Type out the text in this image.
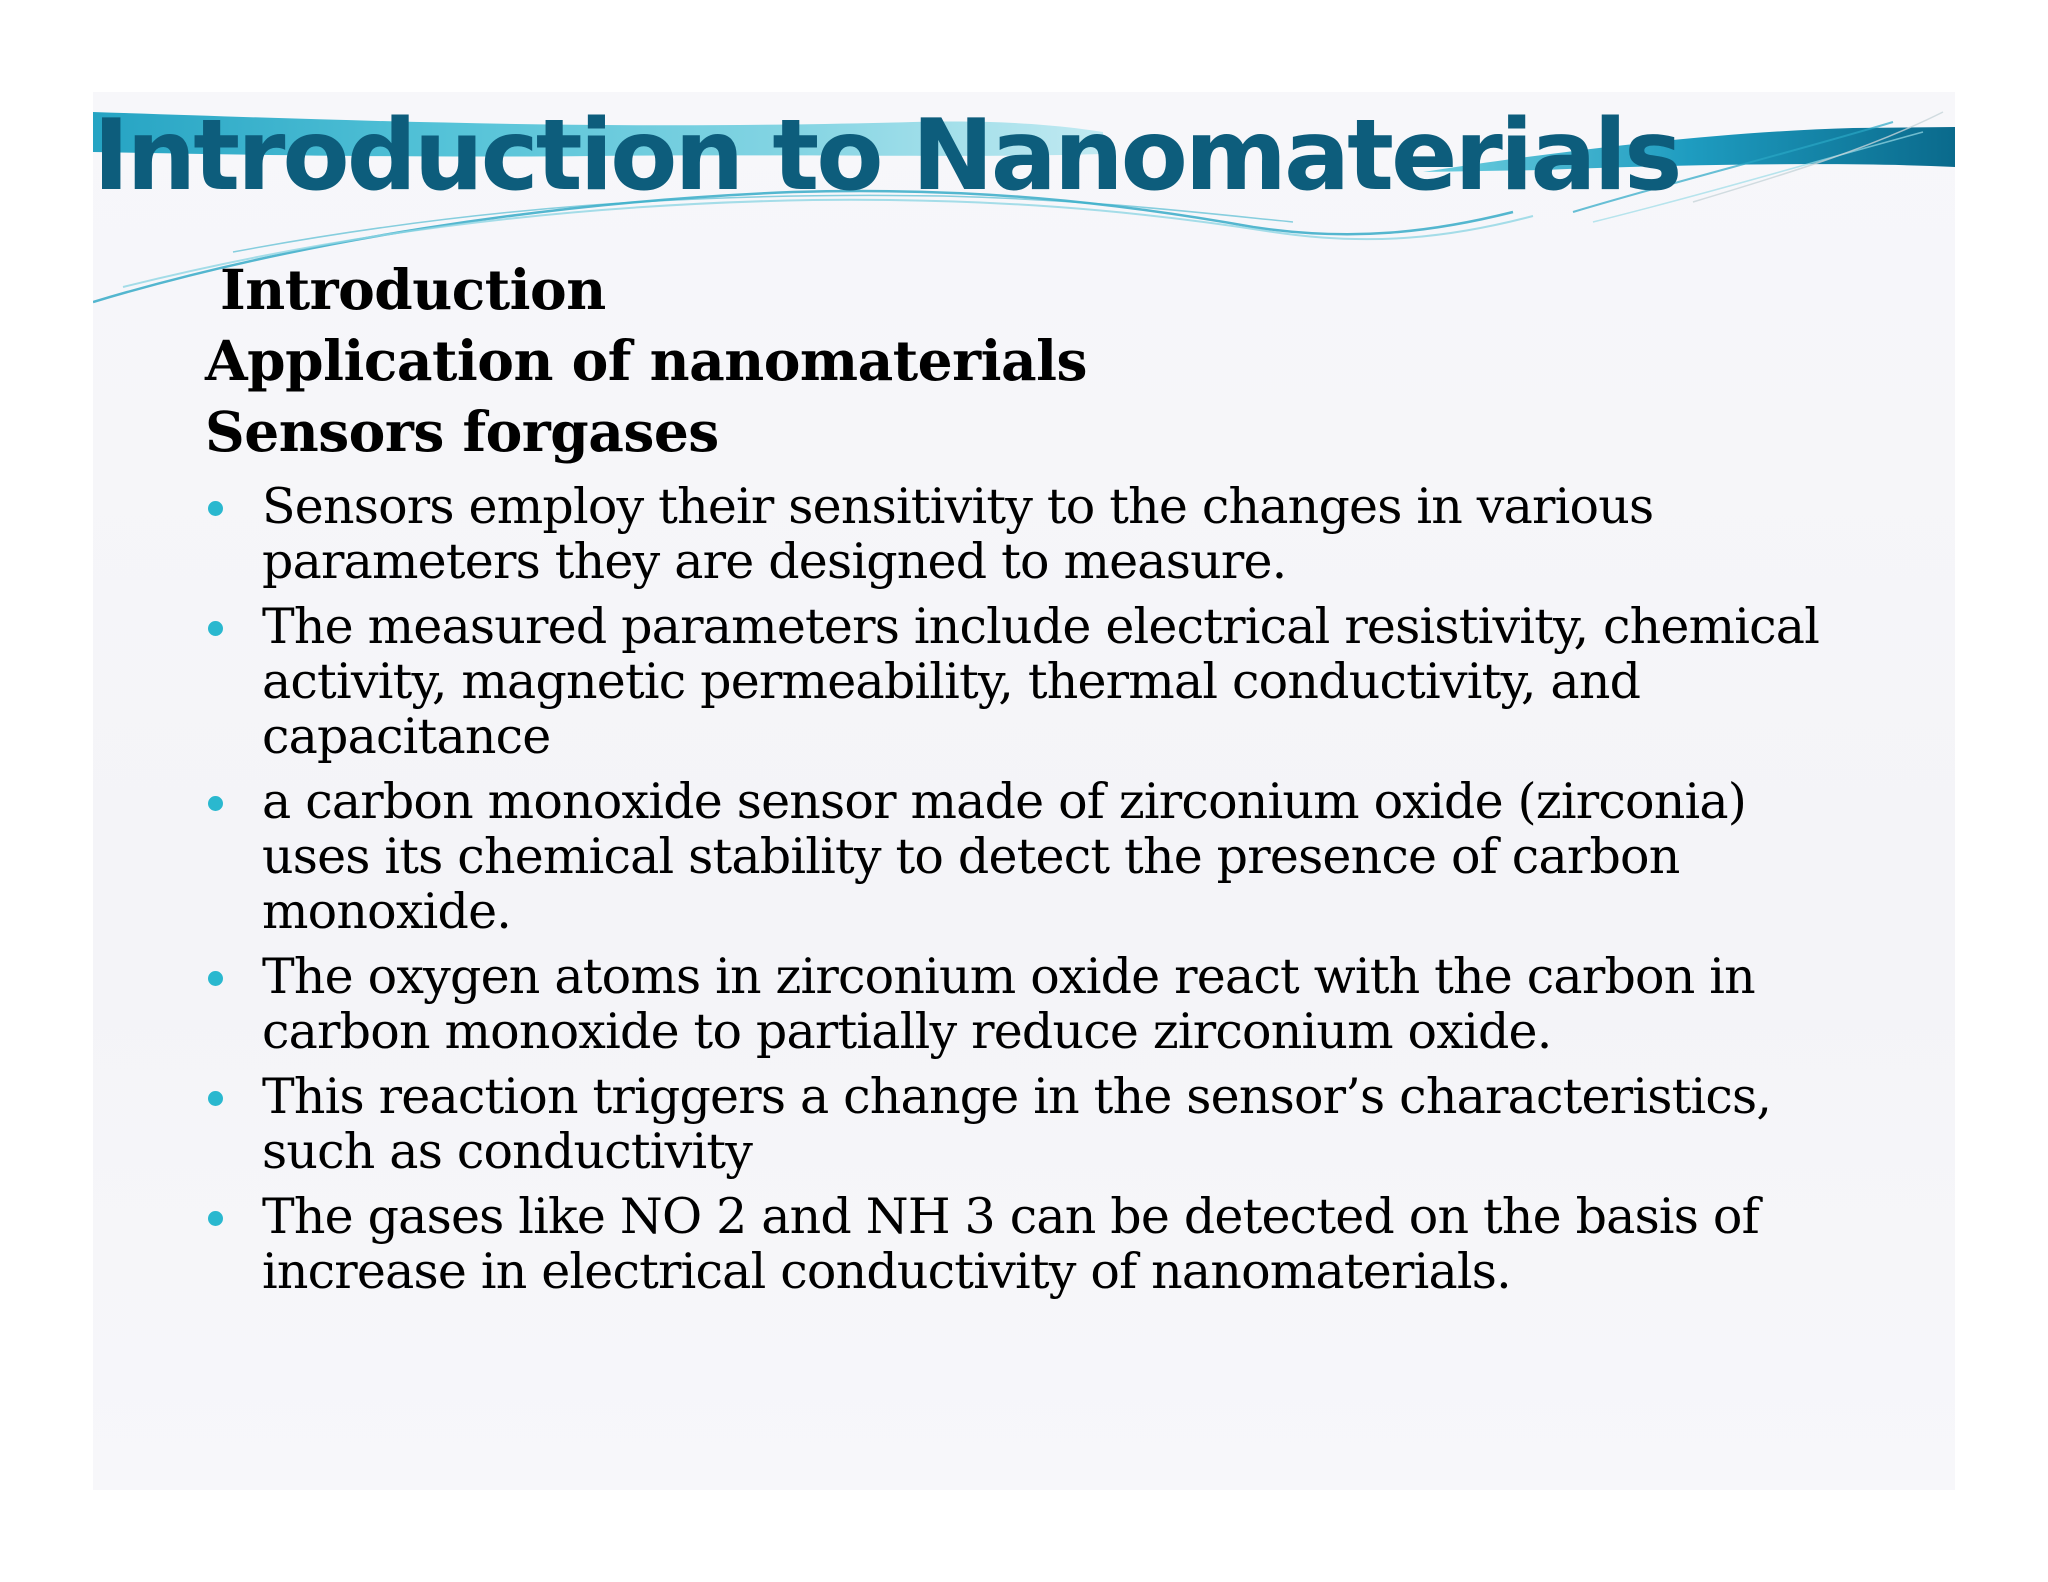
Introduction to Nanomaterials
Introduction
Application of nanomaterials
Sensors forgases
Sensors employ their sensitivity to the changes in various
parameters they are designed to measure.
The measured parameters include electrical resistivity, chemical
activity, magnetic permeability, thermal conductivity, and
capacitance
a carbon monoxide sensor made of zirconium oxide (zirconia)
uses its chemical stability to detect the presence of carbon
monoxide.
The oxygen atoms in zirconium oxide react with the carbon in
carbon monoxide to partially reduce zirconium oxide.
This reaction triggers a change in the sensor’s characteristics,
such as conductivity
The gases like NO 2 and NH 3 can be detected on the basis of
increase in electrical conductivity of nanomaterials.
